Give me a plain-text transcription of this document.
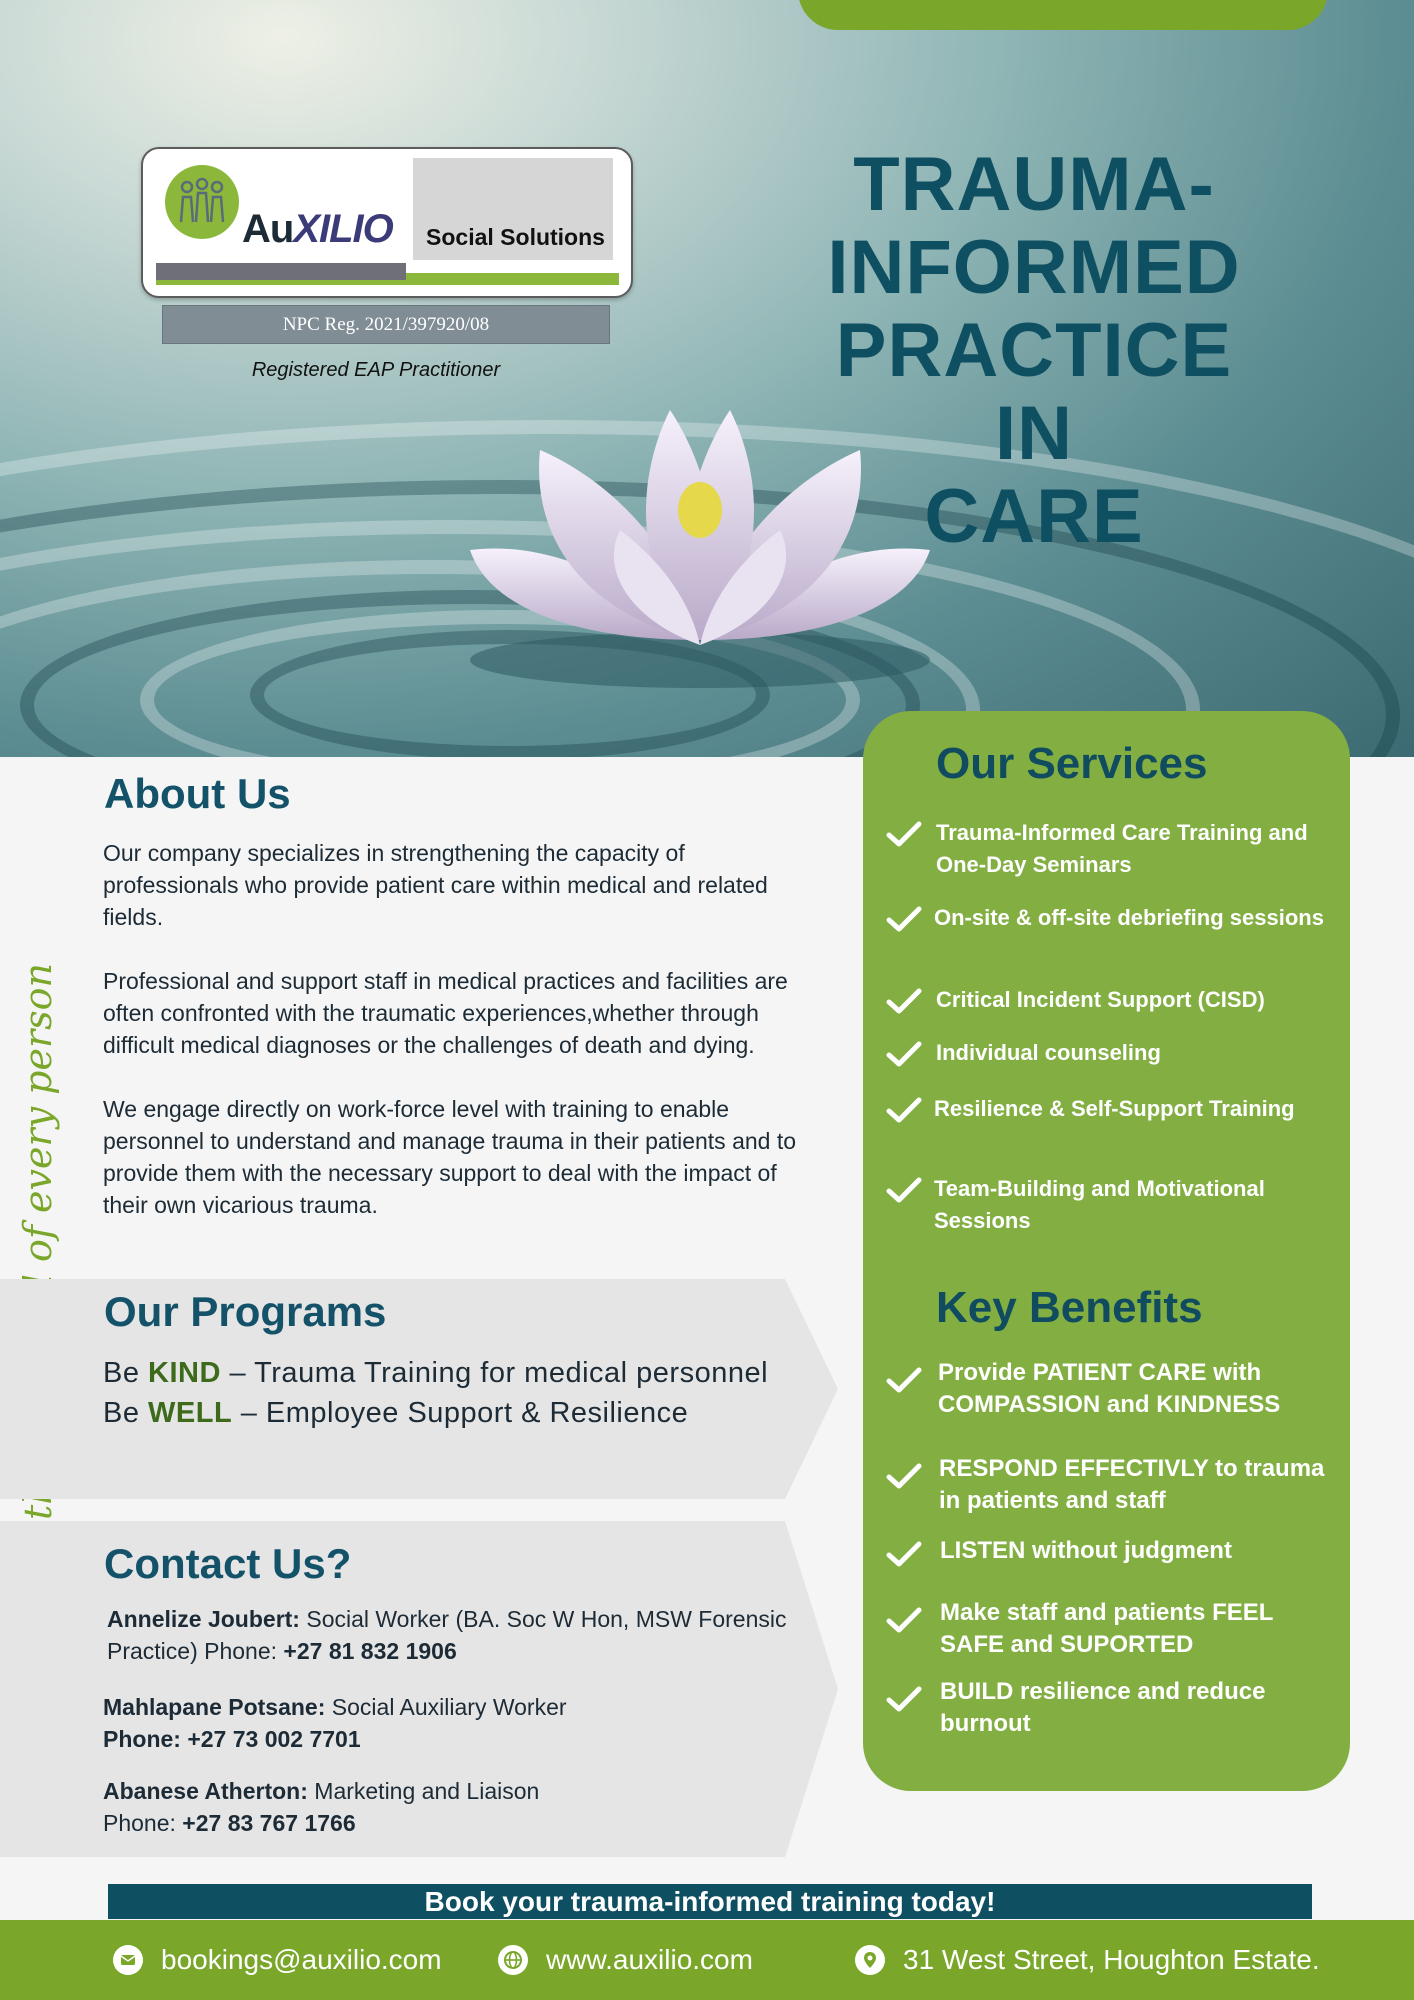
AuXILIO	Social Solutions
NPC Reg. 2021/397920/08
Registered EAP Practitioner
TRAUMA-
INFORMED
PRACTICE IN
CARE
About Us

Our company specializes in strengthening the capacity of professionals who provide patient care within medical and related fields.

Professional and support staff in medical practices and facilities are often confronted with the traumatic experiences,whether through difficult medical diagnoses or the challenges of death and dying.

We engage directly on work-force level with training to enable personnel to understand and manage trauma in their patients and to provide them with the necessary support to deal with the impact of their own vicarious trauma.

Our Programs
Be KIND – Trauma Training for medical personnel
Be WELL – Employee Support & Resilience
Contact Us?
Annelize Joubert: Social Worker (BA. Soc W Hon, MSW Forensic Practice) Phone: +27 81 832 1906
Mahlapane Potsane: Social Auxiliary Worker
Phone: +27 73 002 7701
Abanese Atherton: Marketing and Liaison
Phone: +27 83 767 1766
Our Services
Key Benefits
Trauma-Informed Care Training and One-Day Seminars
On-site & off-site debriefing sessions
Critical Incident Support (CISD)
Individual counseling
Resilience & Self-Support Training
Team-Building and Motivational Sessions
Provide PATIENT CARE with COMPASSION and KINDNESS
RESPOND EFFECTIVLY to trauma in patients and staff
LISTEN without judgment
Make staff and patients FEEL SAFE and SUPORTED
BUILD resilience and reduce burnout
Book your trauma-informed training today!
bookings@auxilio.com	www.auxilio.com	31 West Street, Houghton Estate.
